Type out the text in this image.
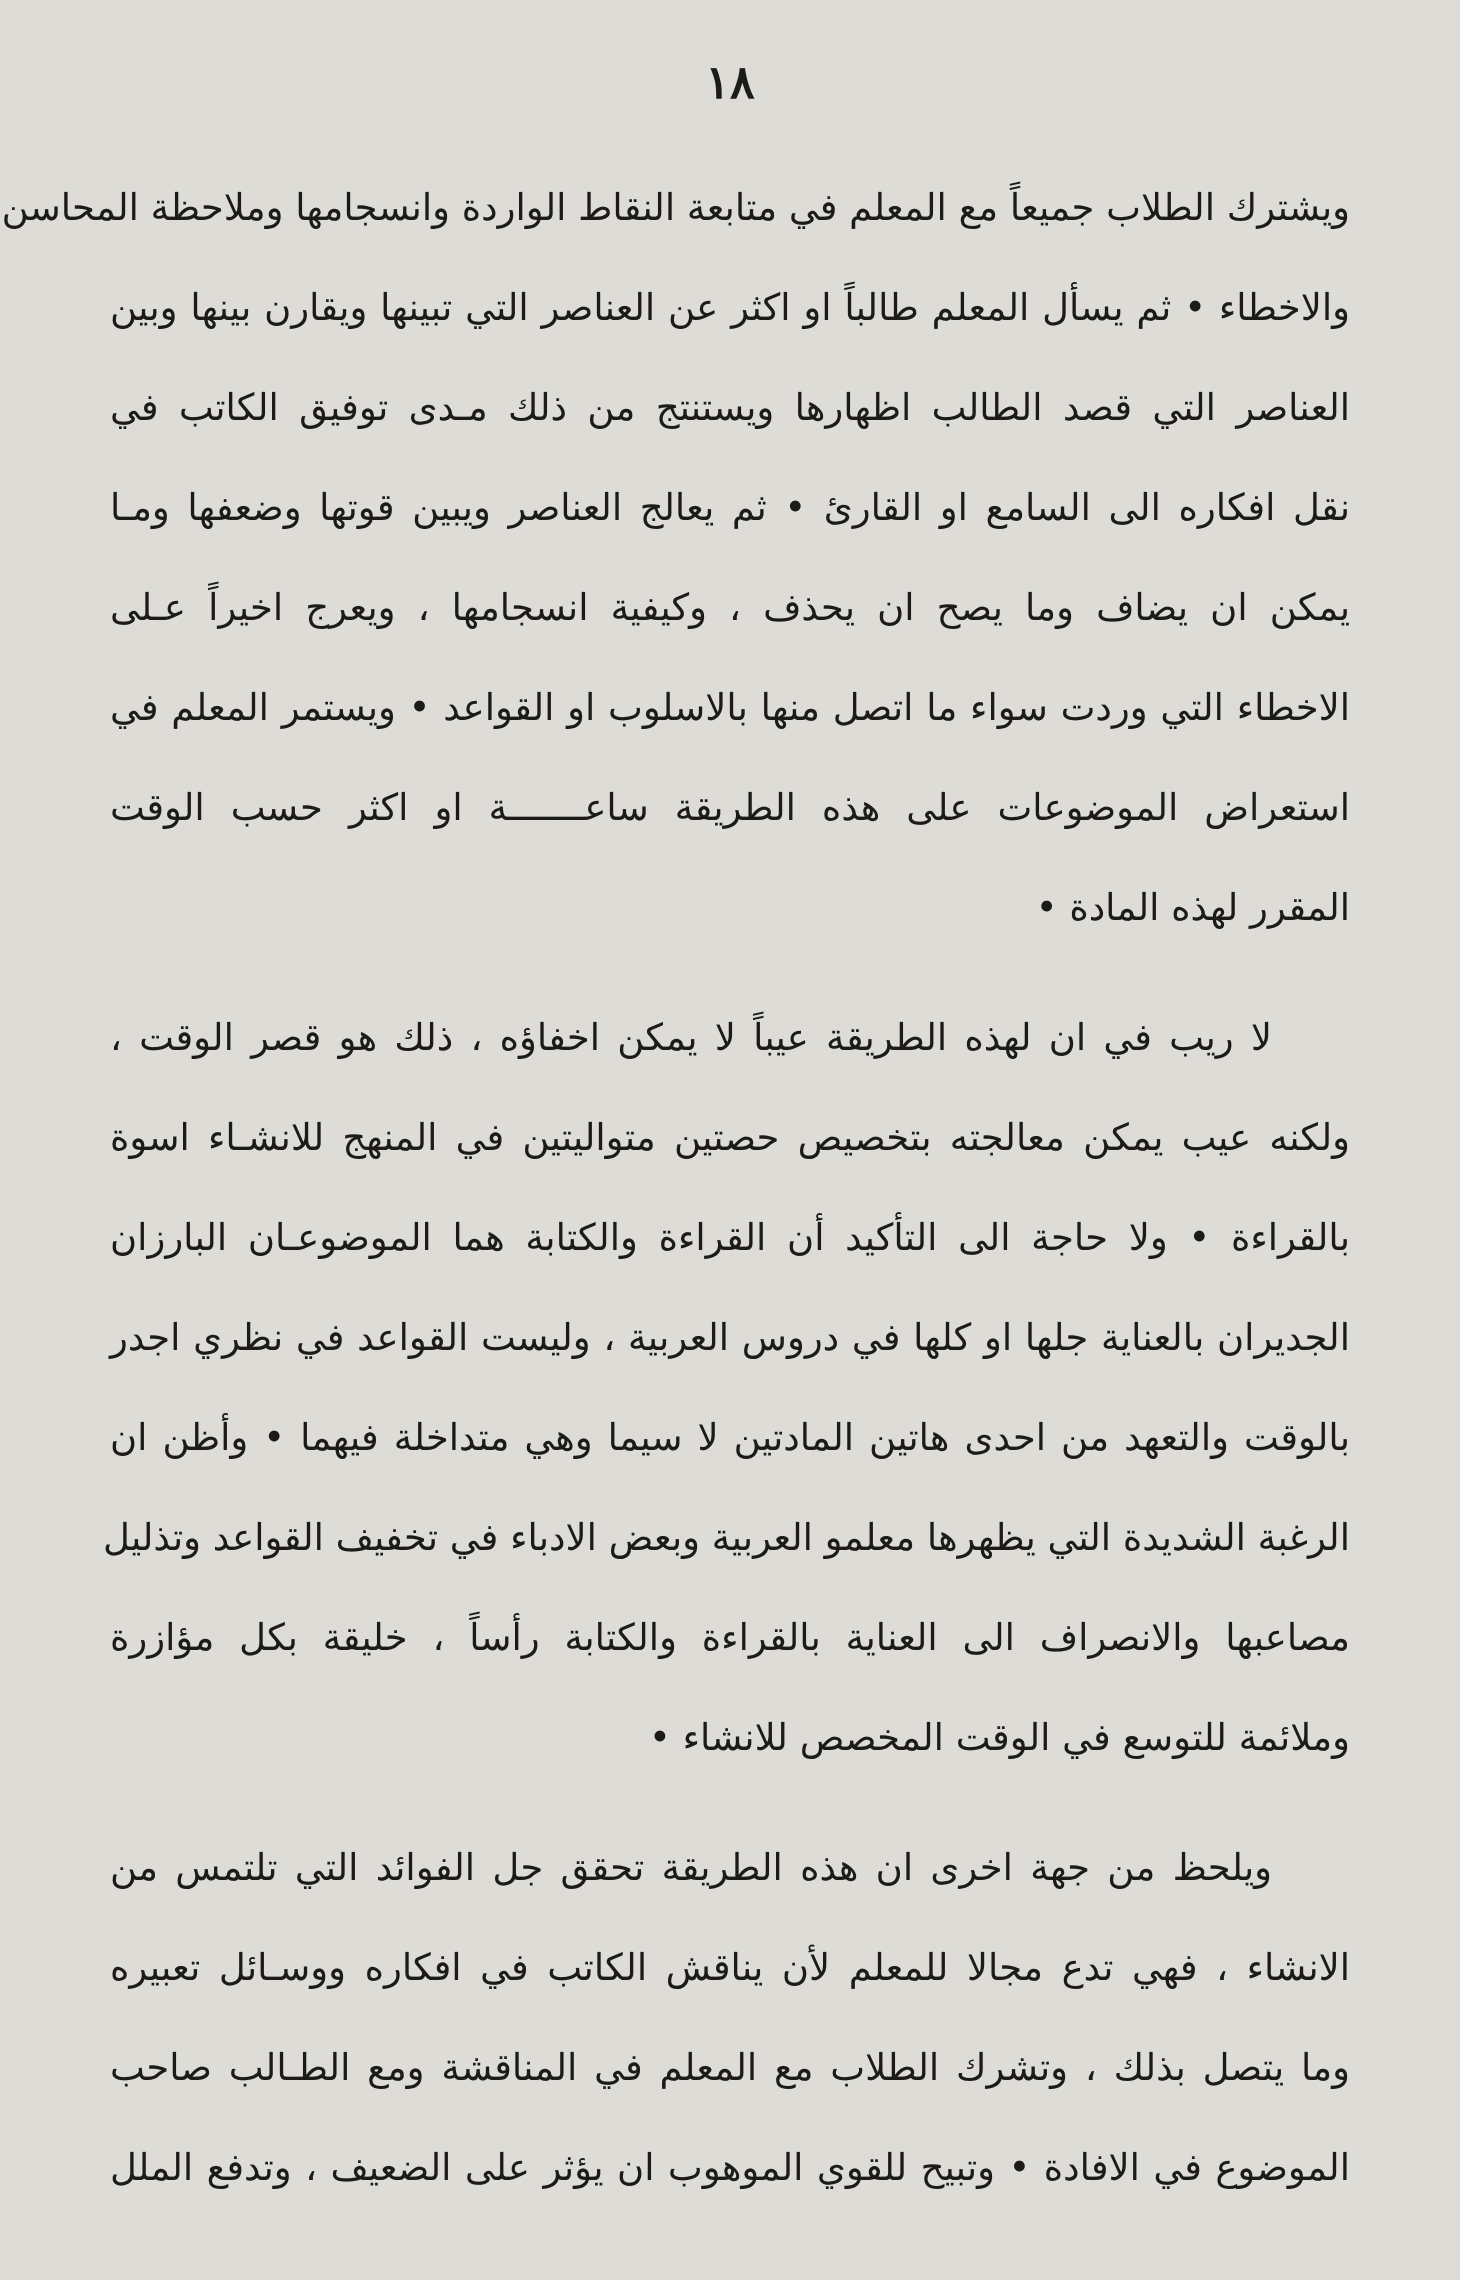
١٨

ويشترك الطلاب جميعاً مع المعلم في متابعة النقاط الواردة وانسجامها وملاحظة المحاسن
والاخطاء • ثم يسأل المعلم طالباً او اكثر عن العناصر التي تبينها ويقارن بينها وبين
العناصر التي قصد الطالب اظهارها ويستنتج من ذلك مـدى توفيق الكاتب في
نقل افكاره الى السامع او القارئ • ثم يعالج العناصر ويبين قوتها وضعفها ومـا
يمكن ان يضاف وما يصح ان يحذف ، وكيفية انسجامها ، ويعرج اخيراً عـلى
الاخطاء التي وردت سواء ما اتصل منها بالاسلوب او القواعد • ويستمر المعلم في
استعراض الموضوعات على هذه الطريقة ساعـــــــة او اكثر حسب الوقت
المقرر لهذه المادة •

لا ريب في ان لهذه الطريقة عيباً لا يمكن اخفاؤه ، ذلك هو قصر الوقت ،
ولكنه عيب يمكن معالجته بتخصيص حصتين متواليتين في المنهج للانشـاء اسوة
بالقراءة • ولا حاجة الى التأكيد أن القراءة والكتابة هما الموضوعـان البارزان
الجديران بالعناية جلها او كلها في دروس العربية ، وليست القواعد في نظري اجدر
بالوقت والتعهد من احدى هاتين المادتين لا سيما وهي متداخلة فيهما • وأظن ان
الرغبة الشديدة التي يظهرها معلمو العربية وبعض الادباء في تخفيف القواعد وتذليل
مصاعبها والانصراف الى العناية بالقراءة والكتابة رأساً ، خليقة بكل مؤازرة
وملائمة للتوسع في الوقت المخصص للانشاء •

ويلحظ من جهة اخرى ان هذه الطريقة تحقق جل الفوائد التي تلتمس من
الانشاء ، فهي تدع مجالا للمعلم لأن يناقش الكاتب في افكاره ووسـائل تعبيره
وما يتصل بذلك ، وتشرك الطلاب مع المعلم في المناقشة ومع الطـالب صاحب
الموضوع في الافادة • وتبيح للقوي الموهوب ان يؤثر على الضعيف ، وتدفع الملل
